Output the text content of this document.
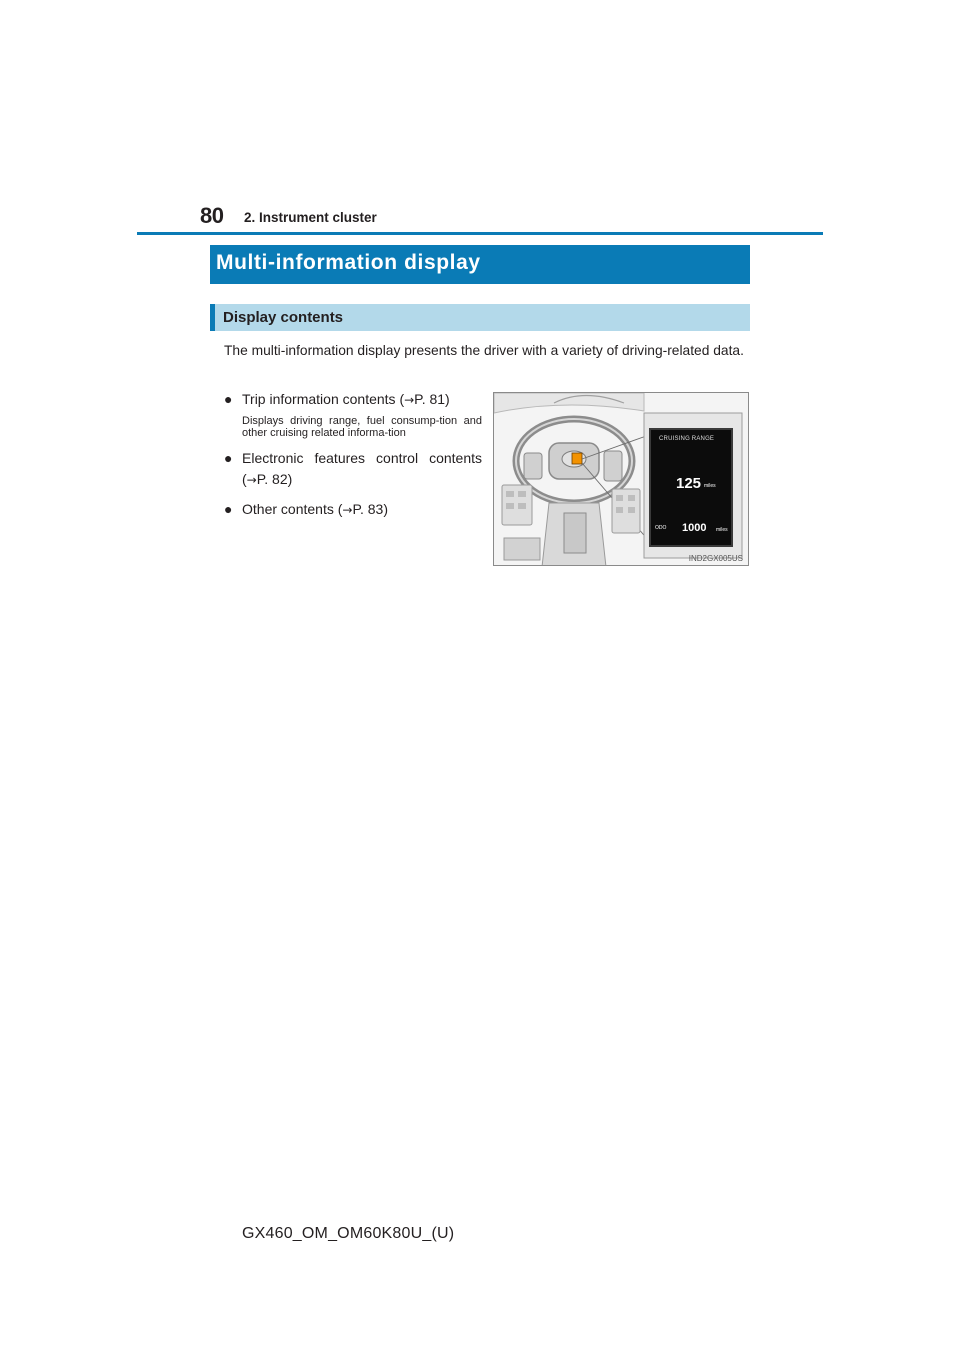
80 2. Instrument cluster
Multi-information display
Display contents

The multi-information display presents the driver with a variety of driving-related data.

● Trip information contents (→P. 81)

Displays driving range, fuel consump-tion and other cruising related informa-tion

● Electronic features control contents (→P. 82)
● Other contents (→P. 83)
CRUISING RANGE
125 miles
ODO 1000 miles
IND2GX005US
GX460_OM_OM60K80U_(U)
